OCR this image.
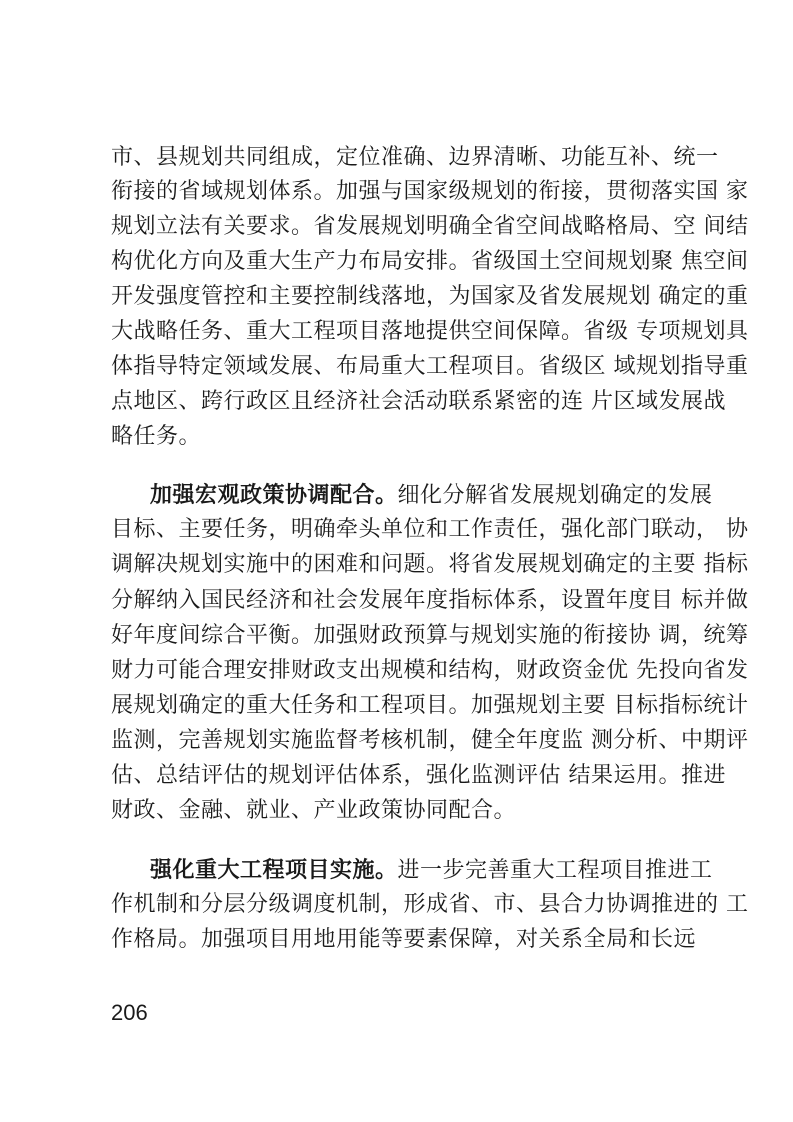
市、县规划共同组成，定位准确、边界清晰、功能互补、统一
衔接的省域规划体系。加强与国家级规划的衔接，贯彻落实国 家
规划立法有关要求。省发展规划明确全省空间战略格局、空 间结
构优化方向及重大生产力布局安排。省级国土空间规划聚 焦空间
开发强度管控和主要控制线落地，为国家及省发展规划 确定的重
大战略任务、重大工程项目落地提供空间保障。省级 专项规划具
体指导特定领域发展、布局重大工程项目。省级区 域规划指导重
点地区、跨行政区且经济社会活动联系紧密的连 片区域发展战
略任务。
加强宏观政策协调配合。细化分解省发展规划确定的发展
目标、主要任务，明确牵头单位和工作责任，强化部门联动， 协
调解决规划实施中的困难和问题。将省发展规划确定的主要 指标
分解纳入国民经济和社会发展年度指标体系，设置年度目 标并做
好年度间综合平衡。加强财政预算与规划实施的衔接协 调，统筹
财力可能合理安排财政支出规模和结构，财政资金优 先投向省发
展规划确定的重大任务和工程项目。加强规划主要 目标指标统计
监测，完善规划实施监督考核机制，健全年度监 测分析、中期评
估、总结评估的规划评估体系，强化监测评估 结果运用。推进
财政、金融、就业、产业政策协同配合。
强化重大工程项目实施。进一步完善重大工程项目推进工
作机制和分层分级调度机制，形成省、市、县合力协调推进的 工
作格局。加强项目用地用能等要素保障，对关系全局和长远
206
